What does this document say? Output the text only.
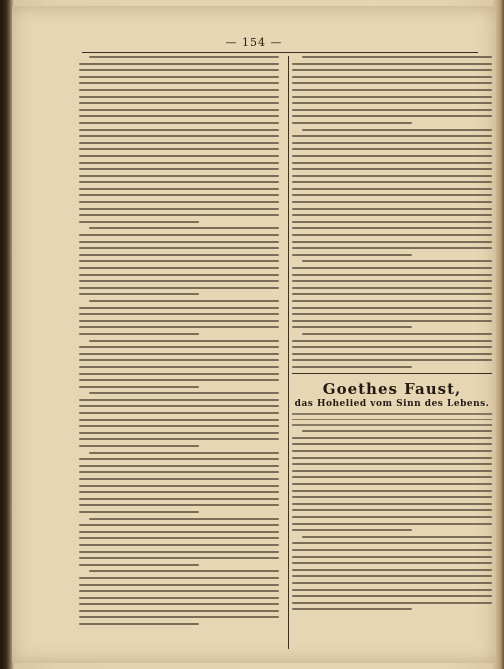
— 154 —
Goethes Faust,
das Hohelied vom Sinn des Lebens.
